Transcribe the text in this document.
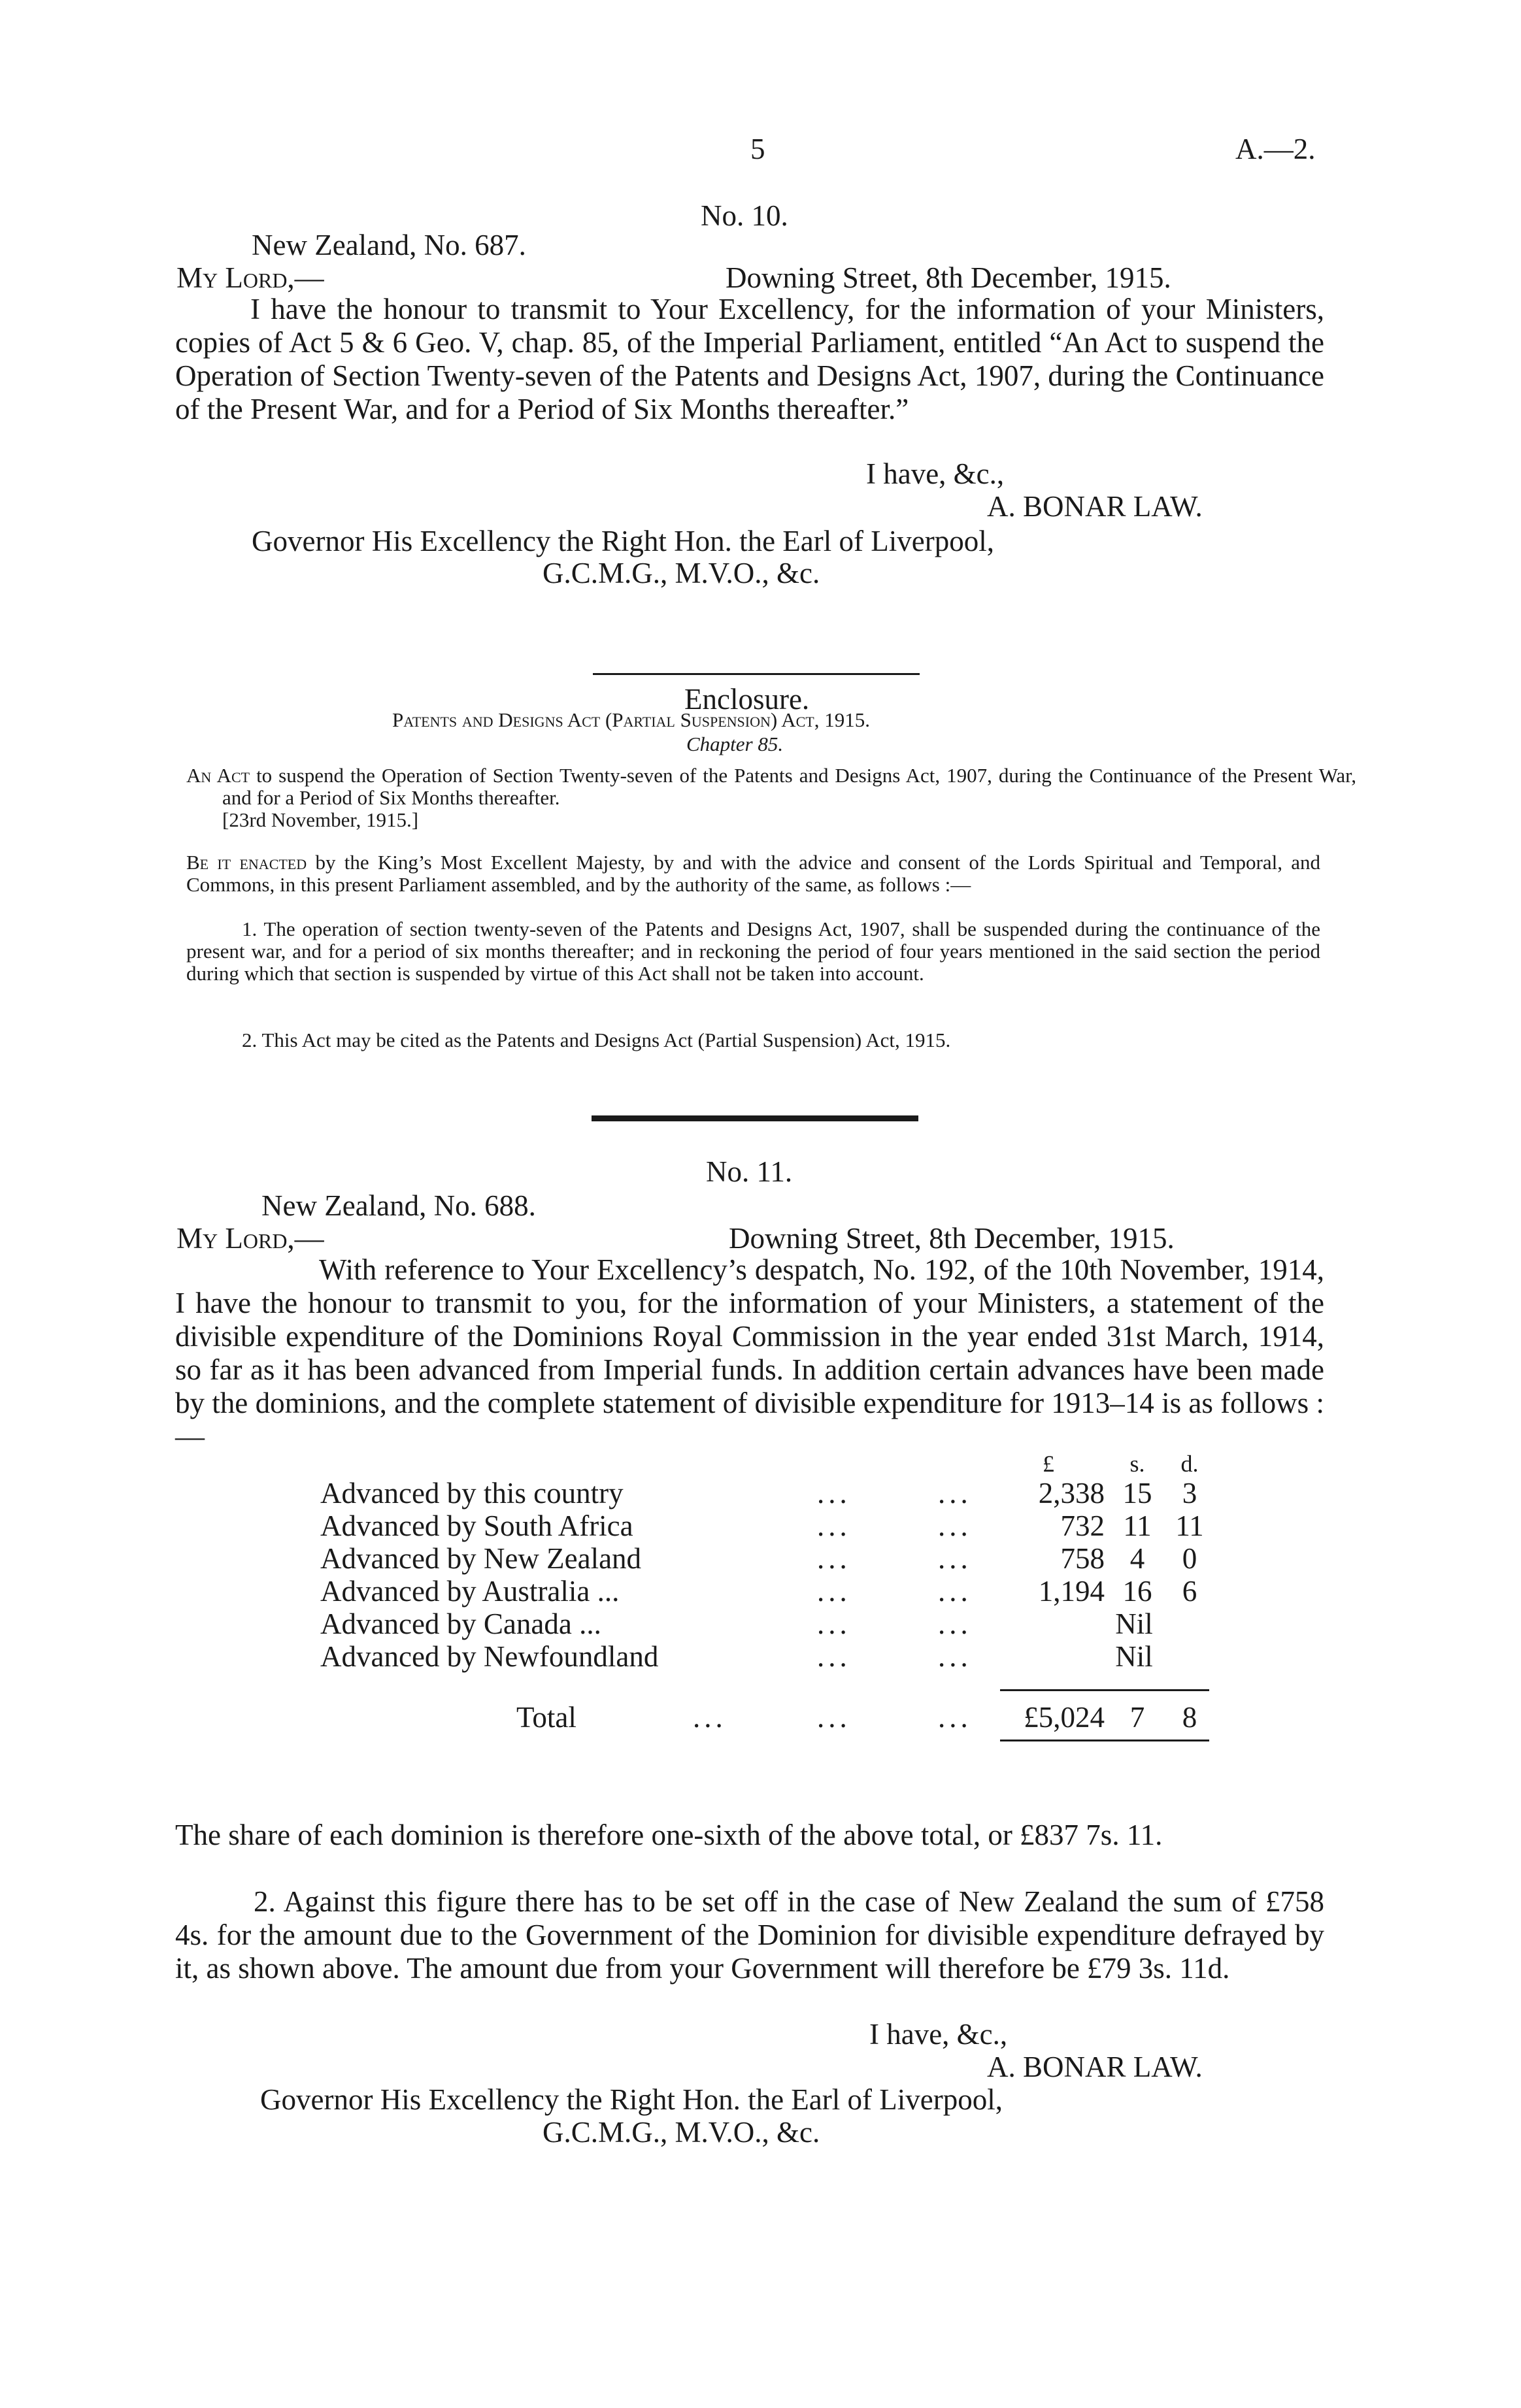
5	A.—2.
No. 10.
New Zealand, No. 687.
My Lord,—	Downing Street, 8th December, 1915.
I have the honour to transmit to Your Excellency, for the information of your Ministers, copies of Act 5 & 6 Geo. V, chap. 85, of the Imperial Parliament, entitled “An Act to suspend the Operation of Section Twenty-seven of the Patents and Designs Act, 1907, during the Continuance of the Present War, and for a Period of Six Months thereafter.”
I have, &c.,
A. BONAR LAW.
Governor His Excellency the Right Hon. the Earl of Liverpool,
G.C.M.G., M.V.O., &c.
Enclosure.
Patents and Designs Act (Partial Suspension) Act, 1915.
Chapter 85.
An Act to suspend the Operation of Section Twenty-seven of the Patents and Designs Act, 1907, during the Continuance of the Present War, and for a Period of Six Months thereafter.
[23rd November, 1915.]
Be it enacted by the King’s Most Excellent Majesty, by and with the advice and consent of the Lords Spiritual and Temporal, and Commons, in this present Parliament assembled, and by the authority of the same, as follows :—
1. The operation of section twenty-seven of the Patents and Designs Act, 1907, shall be suspended during the continuance of the present war, and for a period of six months thereafter; and in reckoning the period of four years mentioned in the said section the period during which that section is suspended by virtue of this Act shall not be taken into account.
2. This Act may be cited as the Patents and Designs Act (Partial Suspension) Act, 1915.
No. 11.
New Zealand, No. 688.
My Lord,—	Downing Street, 8th December, 1915.
With reference to Your Excellency’s despatch, No. 192, of the 10th November, 1914, I have the honour to transmit to you, for the information of your Ministers, a statement of the divisible expenditure of the Dominions Royal Commission in the year ended 31st March, 1914, so far as it has been advanced from Imperial funds. In addition certain advances have been made by the dominions, and the complete statement of divisible expenditure for 1913–14 is as follows :—
£	s.	d.
Advanced by this country	...	... 2,338 15	3
Advanced by South Africa	...	...	732 11 11
Advanced by New Zealand	...	...	758 4	0
Advanced by Australia ...	...	... 1,194 16	6
Advanced by Canada ...	...	...	Nil
Advanced by Newfoundland	...	...	Nil
Total	...	...	... £5,024 7	8
The share of each dominion is therefore one-sixth of the above total, or £837 7s. 11.
2. Against this figure there has to be set off in the case of New Zealand the sum of £758 4s. for the amount due to the Government of the Dominion for divisible expenditure defrayed by it, as shown above. The amount due from your Government will therefore be £79 3s. 11d.
I have, &c.,
A. BONAR LAW.
Governor His Excellency the Right Hon. the Earl of Liverpool,
G.C.M.G., M.V.O., &c.
